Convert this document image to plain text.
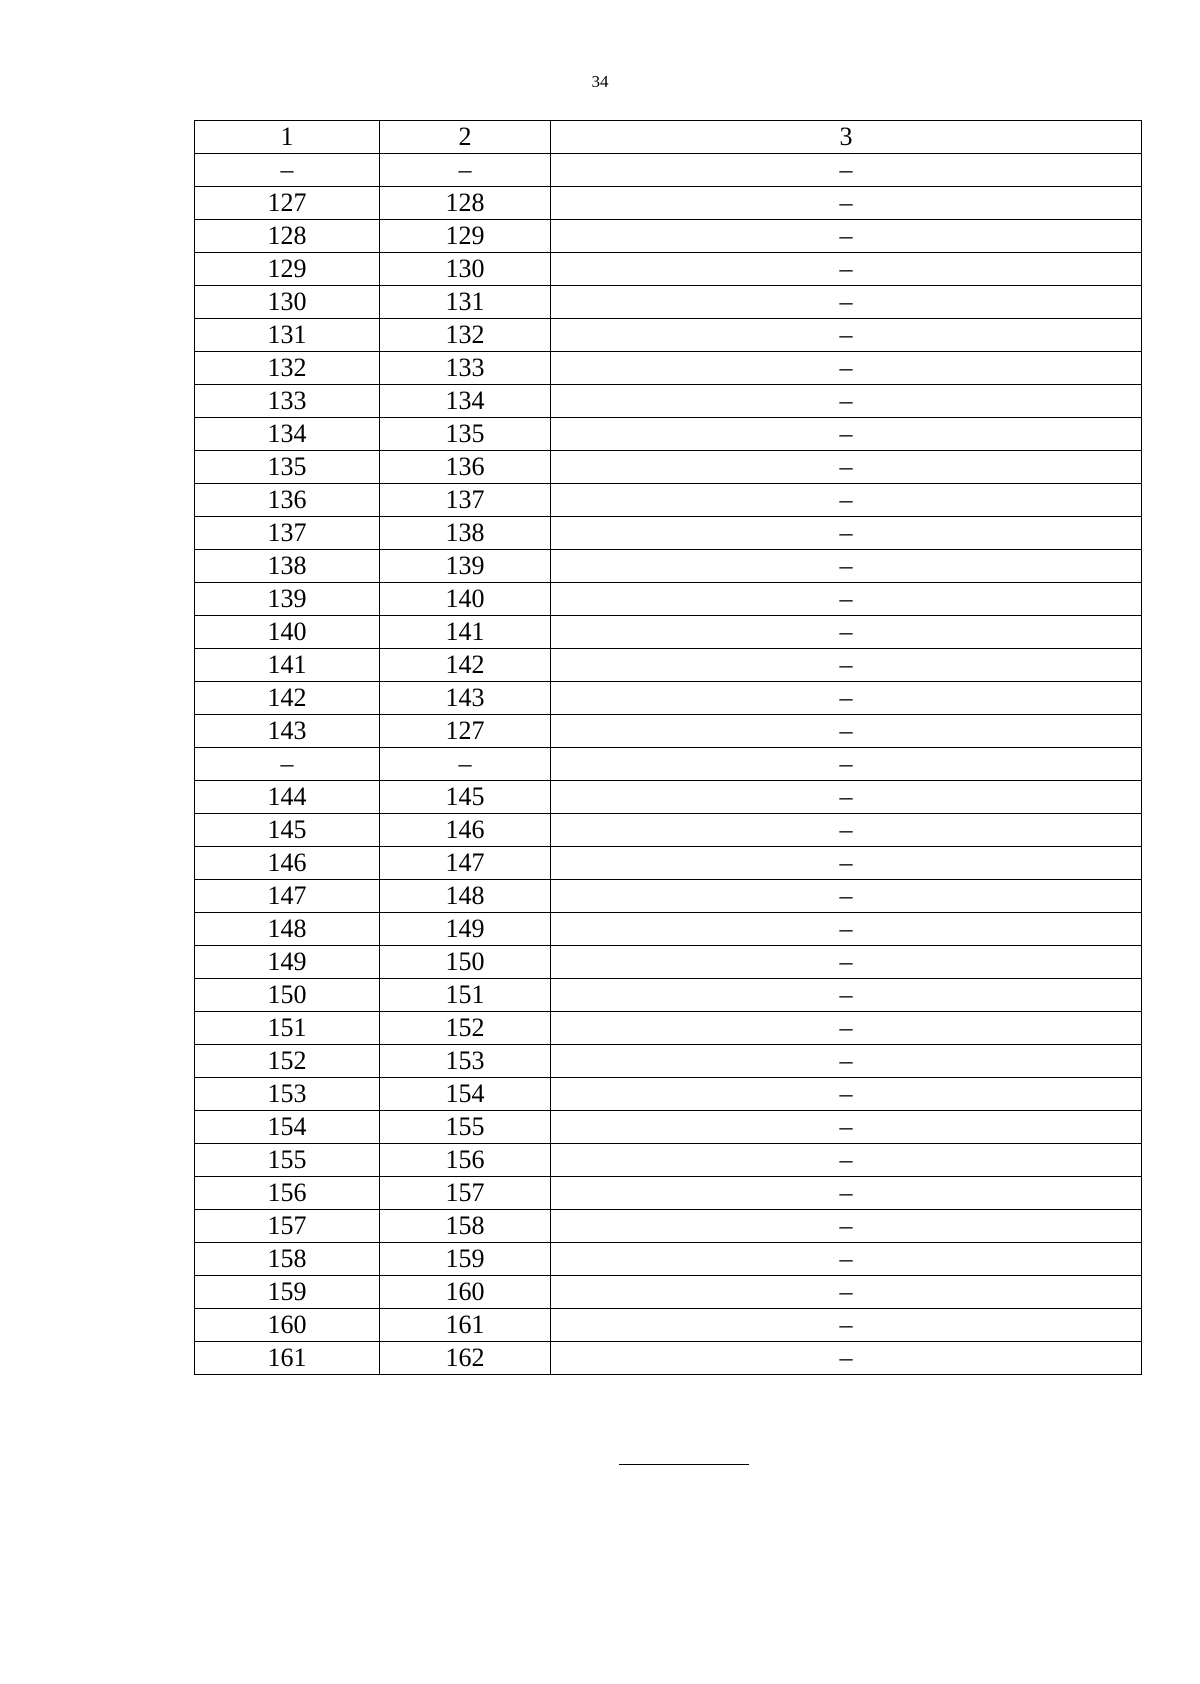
34
1	2	3
–	–	–
127	128	–
128	129	–
129	130	–
130	131	–
131	132	–
132	133	–
133	134	–
134	135	–
135	136	–
136	137	–
137	138	–
138	139	–
139	140	–
140	141	–
141	142	–
142	143	–
143	127	–
–	–	–
144	145	–
145	146	–
146	147	–
147	148	–
148	149	–
149	150	–
150	151	–
151	152	–
152	153	–
153	154	–
154	155	–
155	156	–
156	157	–
157	158	–
158	159	–
159	160	–
160	161	–
161	162	–
